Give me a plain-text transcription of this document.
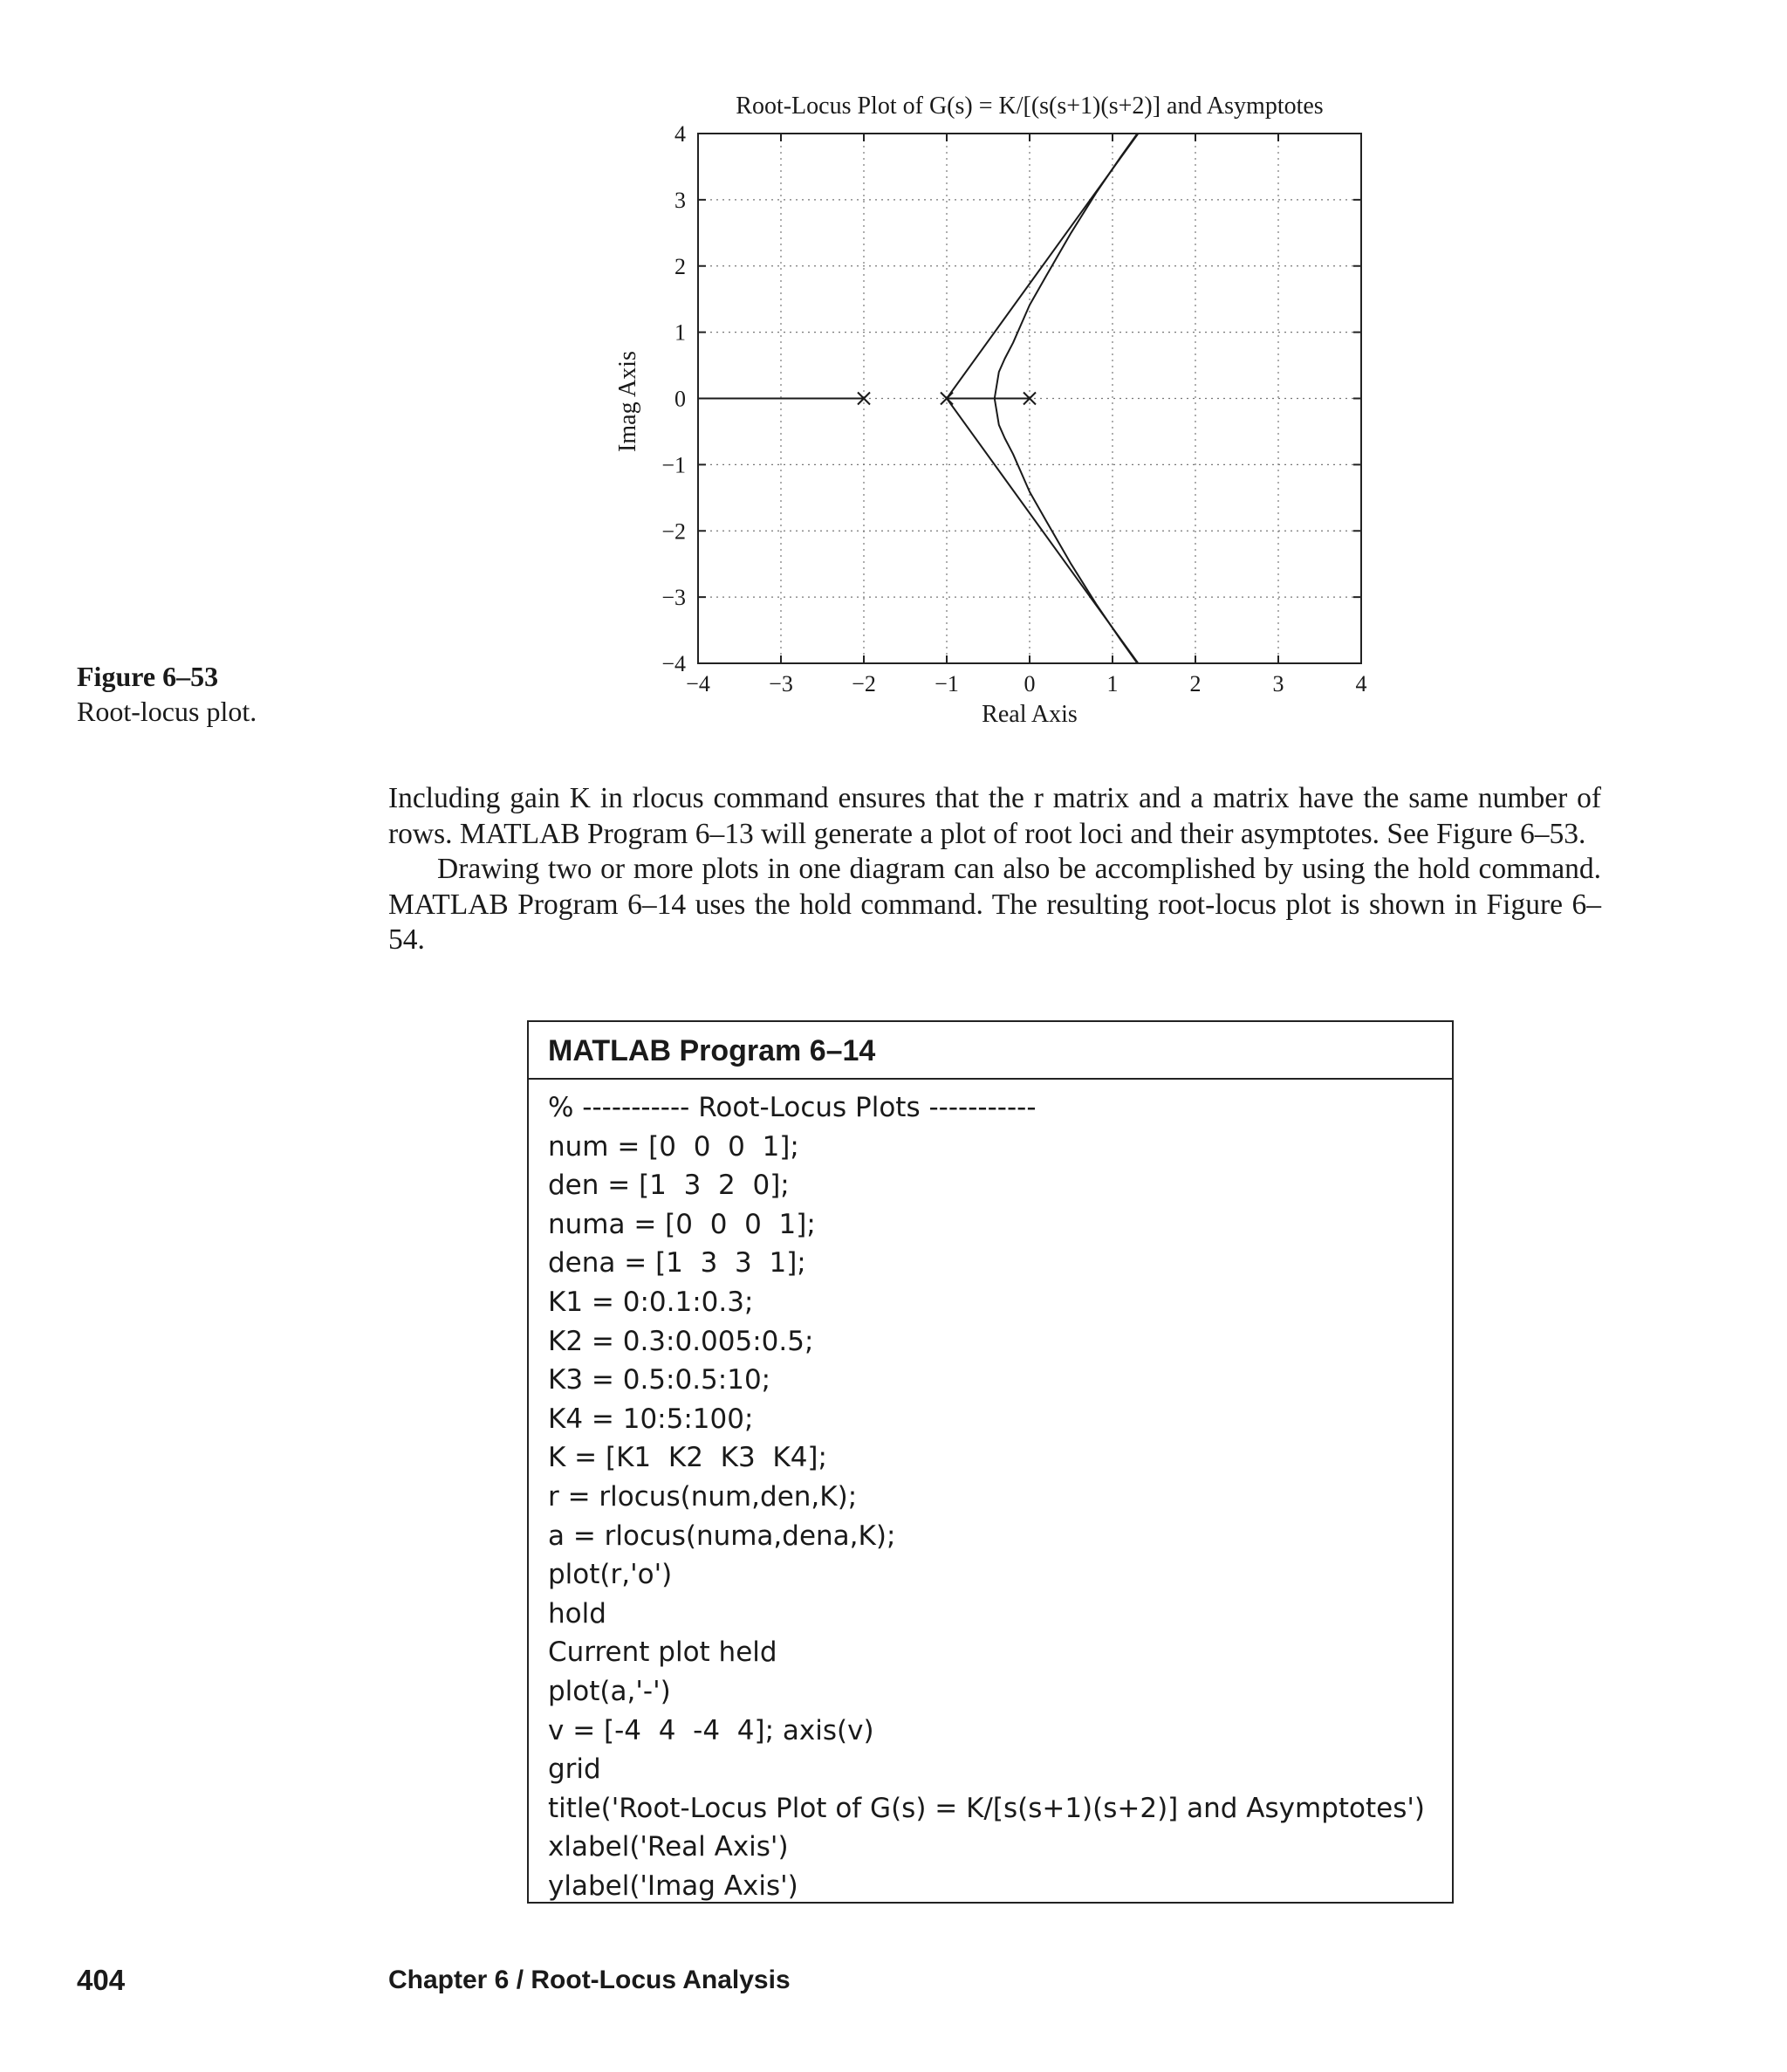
Figure 6–53
Root-locus plot.
Root-Locus Plot of G(s) = K/[(s(s+1)(s+2)] and Asymptotes
Real Axis
Imag Axis
−4	−3	−2	−1	0	1	2	3	4
−4
−3
−2
−1
0
1
2
3
4

Including gain K in rlocus command ensures that the r matrix and a matrix have the same number of rows. MATLAB Program 6–13 will generate a plot of root loci and their asymptotes. See Figure 6–53.

Drawing two or more plots in one diagram can also be accomplished by using the hold command. MATLAB Program 6–14 uses the hold command. The resulting root-locus plot is shown in Figure 6–54.

MATLAB Program 6–14
% ----------- Root-Locus Plots -----------
num = [0  0  0  1];
den = [1  3  2  0];
numa = [0  0  0  1];
dena = [1  3  3  1];
K1 = 0:0.1:0.3;
K2 = 0.3:0.005:0.5;
K3 = 0.5:0.5:10;
K4 = 10:5:100;
K = [K1  K2  K3  K4];
r = rlocus(num,den,K);
a = rlocus(numa,dena,K);
plot(r,'o')
hold
Current plot held
plot(a,'-')
v = [-4  4  -4  4]; axis(v)
grid
title('Root-Locus Plot of G(s) = K/[s(s+1)(s+2)] and Asymptotes')
xlabel('Real Axis')
ylabel('Imag Axis')
404	Chapter 6 / Root-Locus Analysis
